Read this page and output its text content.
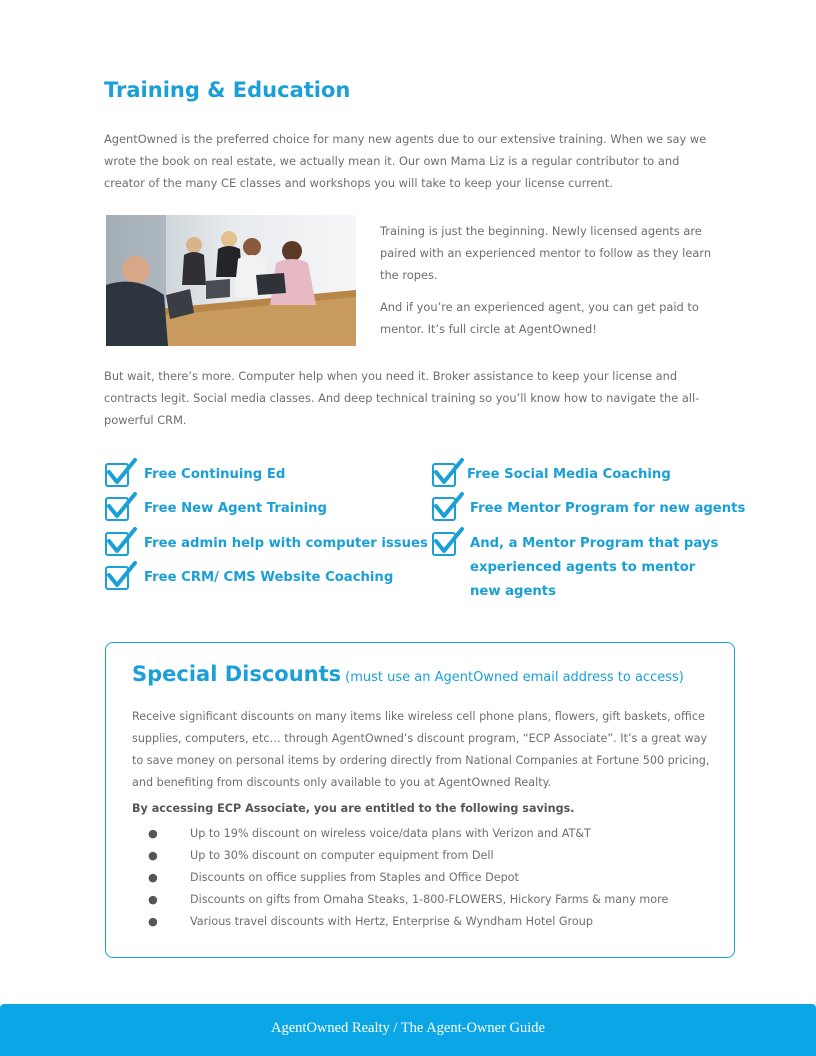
Training & Education
AgentOwned is the preferred choice for many new agents due to our extensive training. When we say we wrote the book on real estate, we actually mean it. Our own Mama Liz is a regular contributor to and creator of the many CE classes and workshops you will take to keep your license current.

Training is just the beginning. Newly licensed agents are paired with an experienced mentor to follow as they learn the ropes.

And if you’re an experienced agent, you can get paid to mentor. It’s full circle at AgentOwned!

But wait, there’s more. Computer help when you need it. Broker assistance to keep your license and contracts legit. Social media classes. And deep technical training so you’ll know how to navigate the all-powerful CRM.
Free Continuing Ed
Free New Agent Training
Free admin help with computer issues
Free CRM/ CMS Website Coaching
Free Social Media Coaching
Free Mentor Program for new agents
And, a Mentor Program that pays experienced agents to mentor new agents
Special Discounts (must use an AgentOwned email address to access)
Receive significant discounts on many items like wireless cell phone plans, flowers, gift baskets, office supplies, computers, etc… through AgentOwned’s discount program, “ECP Associate”. It’s a great way to save money on personal items by ordering directly from National Companies at Fortune 500 pricing, and benefiting from discounts only available to you at AgentOwned Realty.
By accessing ECP Associate, you are entitled to the following savings.
●	Up to 19% discount on wireless voice/data plans with Verizon and AT&T
●	Up to 30% discount on computer equipment from Dell
●	Discounts on office supplies from Staples and Office Depot
●	Discounts on gifts from Omaha Steaks, 1-800-FLOWERS, Hickory Farms & many more
●	Various travel discounts with Hertz, Enterprise & Wyndham Hotel Group
AgentOwned Realty / The Agent-Owner Guide
